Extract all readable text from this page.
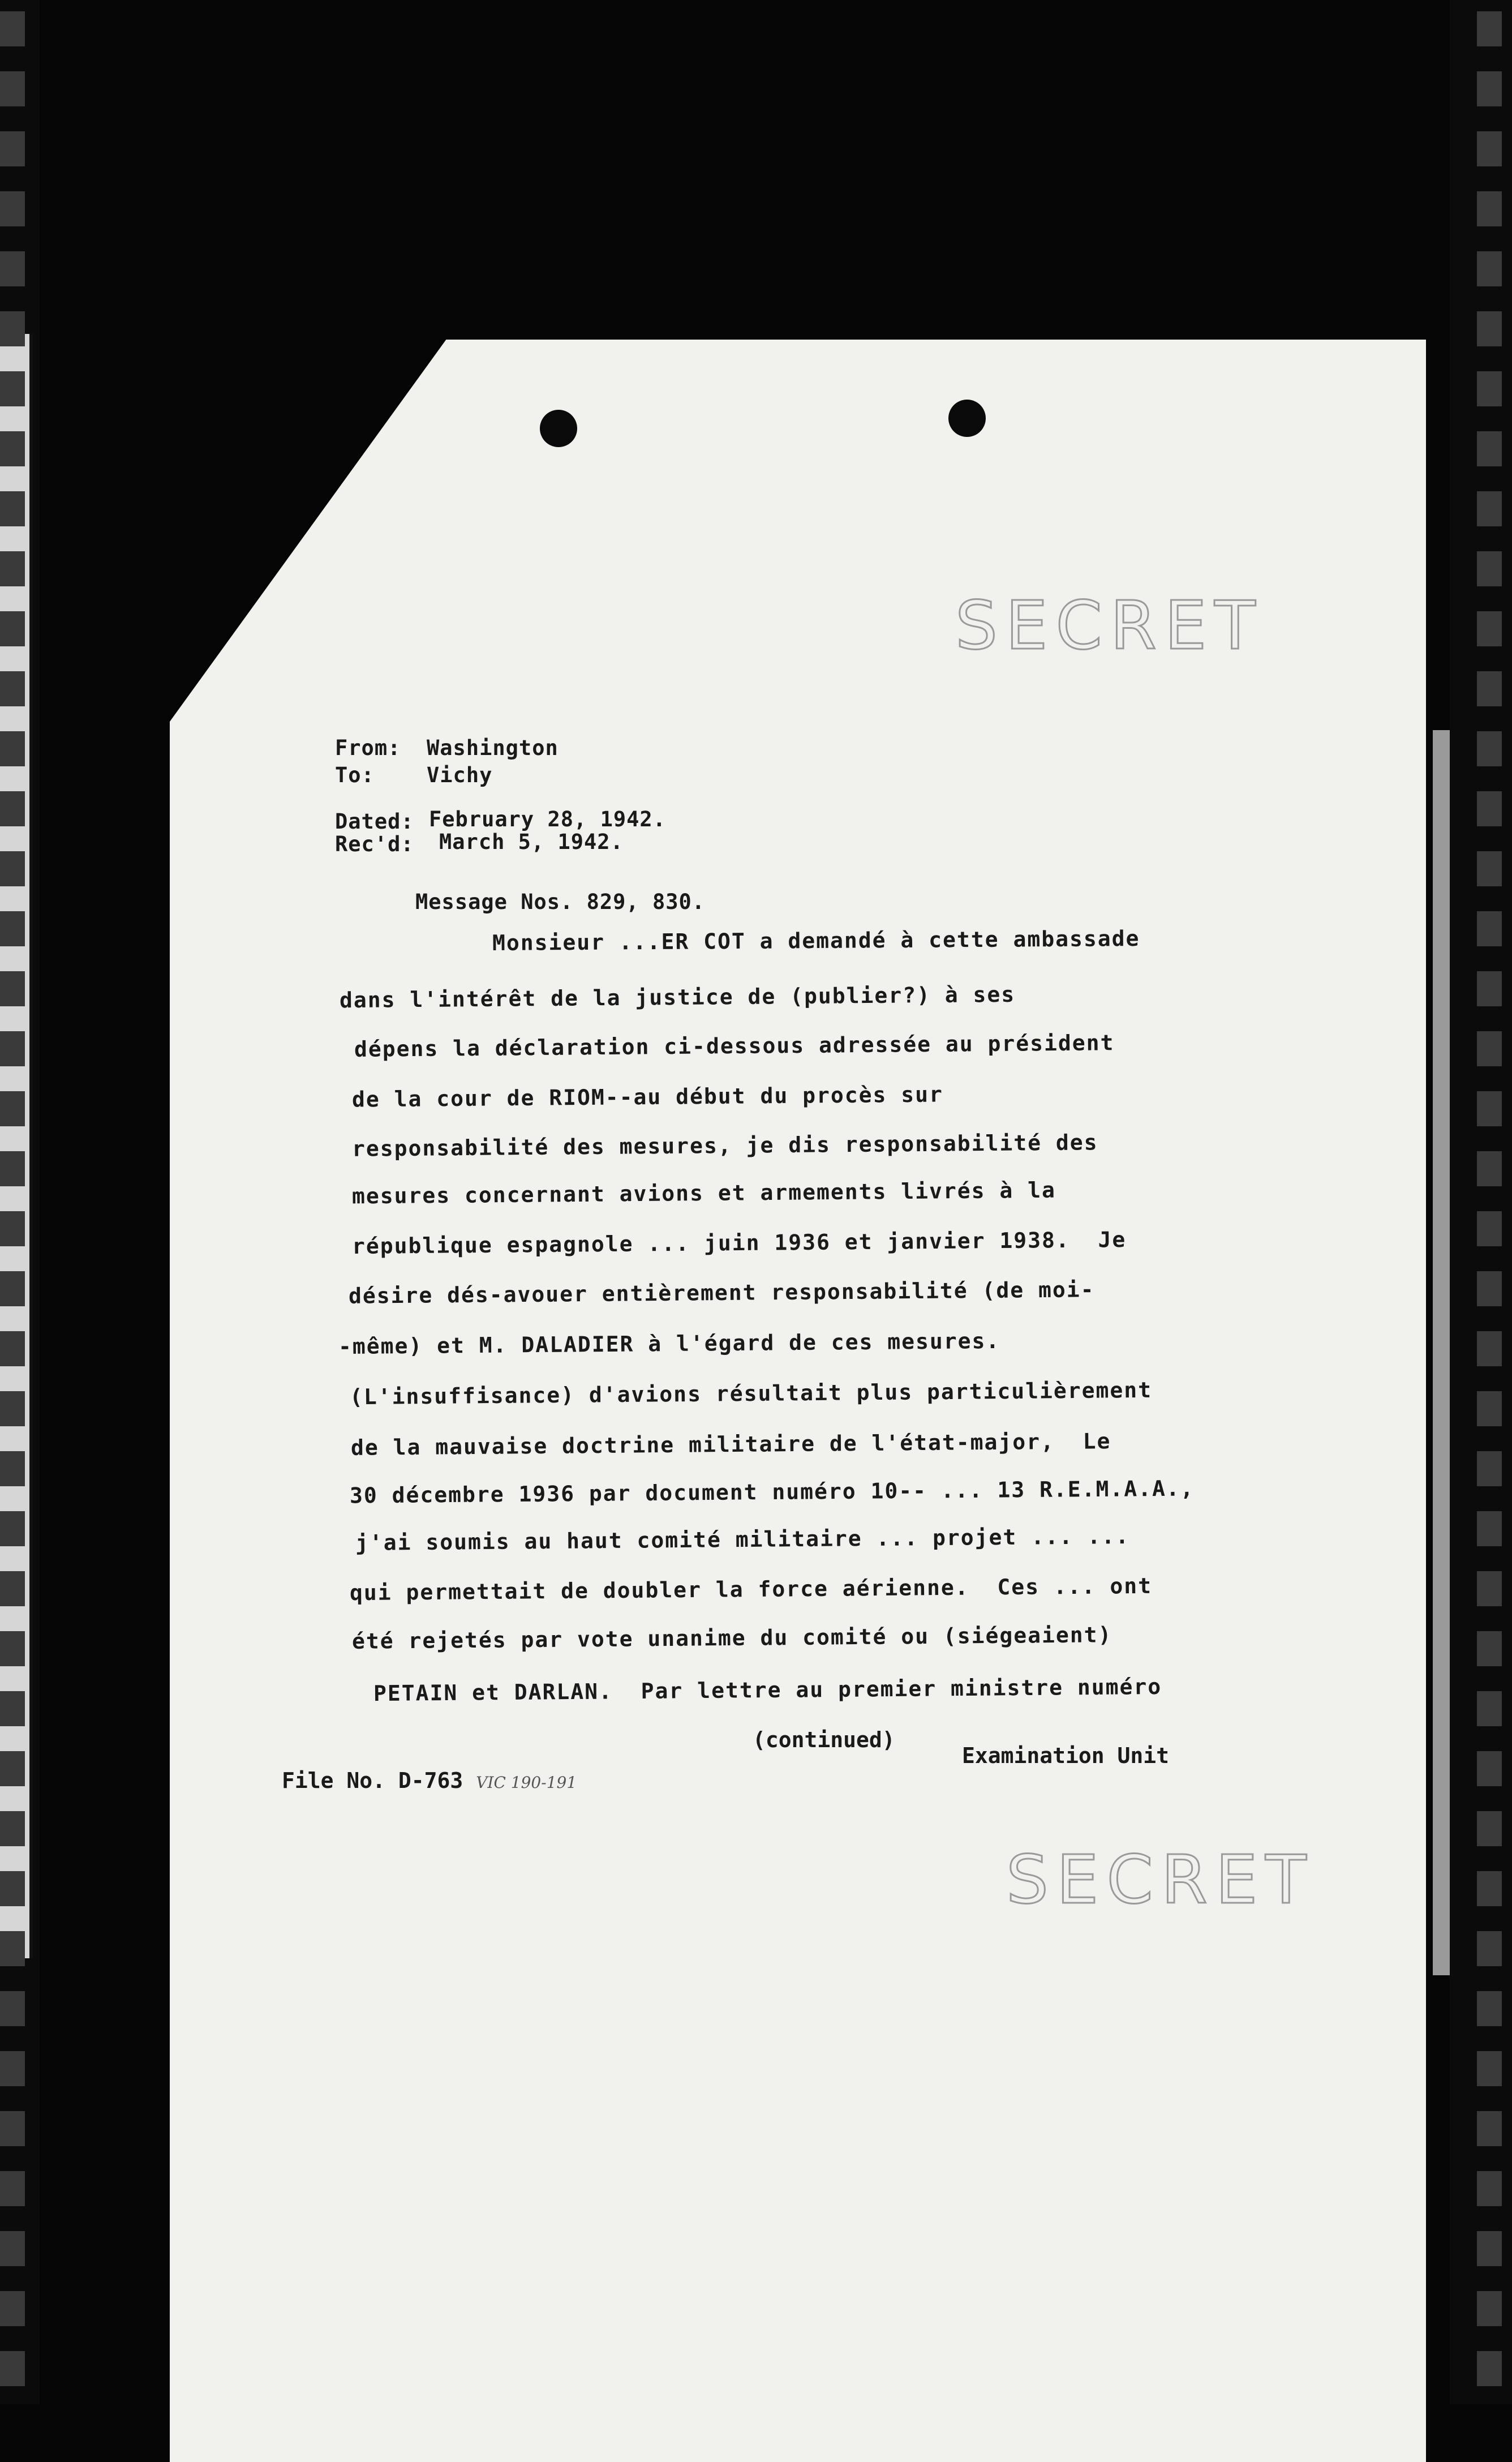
SECRET
From: Washington
To: Vichy
Dated: February 28, 1942.
Rec'd: March 5, 1942.
Message Nos. 829, 830.
Monsieur ...ER COT a demandé à cette ambassade
dans l'intérêt de la justice de (publier?) à ses
dépens la déclaration ci-dessous adressée au président
de la cour de RIOM--au début du procès sur
responsabilité des mesures, je dis responsabilité des
mesures concernant avions et armements livrés à la
république espagnole ... juin 1936 et janvier 1938.  Je
désire dés-avouer entièrement responsabilité (de moi-
-même) et M. DALADIER à l'égard de ces mesures.
(L'insuffisance) d'avions résultait plus particulièrement
de la mauvaise doctrine militaire de l'état-major,  Le
30 décembre 1936 par document numéro 10-- ... 13 R.E.M.A.A.,
j'ai soumis au haut comité militaire ... projet ... ...
qui permettait de doubler la force aérienne.  Ces ... ont
été rejetés par vote unanime du comité ou (siégeaient)
PETAIN et DARLAN.  Par lettre au premier ministre numéro
(continued)
Examination Unit
File No. D-763 VIC 190-191
SECRET
